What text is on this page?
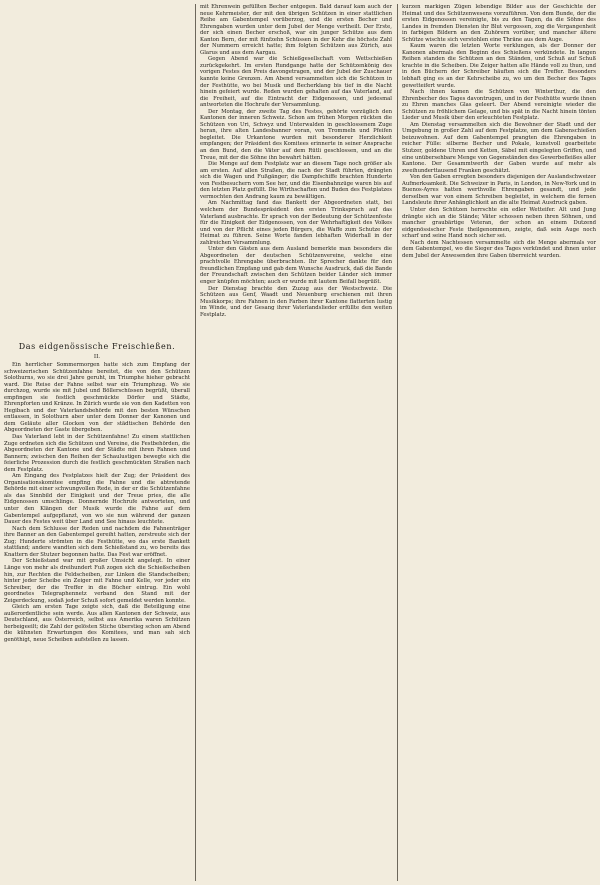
Das eidgenössische Freischießen.
II.

Ein herrlicher Sommermorgen hatte sich zum Empfang der schweizerischen Schützenfahne bereitet, die von den Schützen Solothurns, wo sie drei Jahre geruht, im Triumphe hieher gebracht ward. Die Reise der Fahne selbst war ein Triumphzug. Wo sie durchzog, wurde sie mit Jubel und Böllerschüssen begrüßt, überall empfingen sie festlich geschmückte Dörfer und Städte, Ehrenpforten und Kränze. In Zürich wurde sie von den Kadetten von Hegibach und der Vaterlandsbehörde mit den besten Wünschen entlassen, in Solothurn aber unter dem Donner der Kanonen und dem Geläute aller Glocken von der städtischen Behörde den Abgeordneten der Gaste übergeben.

Das Vaterland lebt in der Schützenfahne! Zu einem stattlichen Zuge ordneten sich die Schützen und Vereine, die Festbehörden, die Abgeordneten der Kantone und der Städte mit ihren Fahnen und Bannern; zwischen den Reihen der Schaulustigen bewegte sich die feierliche Prozession durch die festlich geschmückten Straßen nach dem Festplatz.

Am Eingang des Festplatzes hielt der Zug; der Präsident des Organisationskomitee empfing die Fahne und die abtretende Behörde mit einer schwungvollen Rede, in der er die Schützenfahne als das Sinnbild der Einigkeit und der Treue pries, die alle Eidgenossen umschlinge. Donnernde Hochrufe antworteten, und unter den Klängen der Musik wurde die Fahne auf dem Gabentempel aufgepflanzt, von wo sie nun während der ganzen Dauer des Festes weit über Land und See hinaus leuchtete.

Nach dem Schlusse der Reden und nachdem die Fahnenträger ihre Banner an den Gabentempel gereiht hatten, zerstreute sich der Zug; Hunderte strömten in die Festhütte, wo das erste Bankett stattfand; andere wandten sich dem Schießstand zu, wo bereits das Knattern der Stutzer begonnen hatte. Das Fest war eröffnet.

Der Schießstand war mit großer Umsicht angelegt. In einer Länge von mehr als dreihundert Fuß zogen sich die Schießscheiben hin, zur Rechten die Feldscheiben, zur Linken die Standscheiben; hinter jeder Scheibe ein Zeiger mit Fahne und Kelle, vor jeder ein Schreiber, der die Treffer in die Bücher eintrug. Ein wohl geordnetes Telegraphennetz verband den Stand mit der Zeigerdeckung, sodaß jeder Schuß sofort gemeldet werden konnte.

Gleich am ersten Tage zeigte sich, daß die Beteiligung eine außerordentliche sein werde. Aus allen Kantonen der Schweiz, aus Deutschland, aus Österreich, selbst aus Amerika waren Schützen herbeigeeilt; die Zahl der gelösten Stiche überstieg schon am Abend die kühnsten Erwartungen des Komitees, und man sah sich genöthigt, neue Scheiben aufstellen zu lassen.

mit Ehrenwein gefüllten Becher entgegen. Bald darauf kam auch der neue Kehrmeister, der mit den übrigen Schützen in einer stattlichen Reihe am Gabentempel vorüberzog, und die ersten Becher und Ehrengaben wurden unter dem Jubel der Menge vertheilt. Der Erste, der sich einen Becher erschoß, war ein junger Schütze aus dem Kanton Bern, der mit fünfzehn Schüssen in der Kehr die höchste Zahl der Nummern erreicht hatte; ihm folgten Schützen aus Zürich, aus Glarus und aus dem Aargau.

Gegen Abend war die Schießgesellschaft vom Wettschießen zurückgekehrt. Im ersten Rundgange hatte der Schützenkönig des vorigen Festes den Preis davongetragen, und der Jubel der Zuschauer kannte keine Grenzen. Am Abend versammelten sich die Schützen in der Festhütte, wo bei Musik und Becherklang bis tief in die Nacht hinein gefeiert wurde. Reden wurden gehalten auf das Vaterland, auf die Freiheit, auf die Eintracht der Eidgenossen, und jedesmal antworteten die Hochrufe der Versammlung.

Der Montag, der zweite Tag des Festes, gehörte vorzüglich den Kantonen der inneren Schweiz. Schon am frühen Morgen rückten die Schützen von Uri, Schwyz und Unterwalden in geschlossenem Zuge heran, ihre alten Landesbanner voran, von Trommeln und Pfeifen begleitet. Die Urkantone wurden mit besonderer Herzlichkeit empfangen; der Präsident des Komitees erinnerte in seiner Ansprache an den Bund, den die Väter auf dem Rütli geschlossen, und an die Treue, mit der die Söhne ihn bewahrt hätten.

Die Menge auf dem Festplatz war an diesem Tage noch größer als am ersten. Auf allen Straßen, die nach der Stadt führten, drängten sich die Wagen und Fußgänger; die Dampfschiffe brachten Hunderte von Festbesuchern vom See her, und die Eisenbahnzüge waren bis auf den letzten Platz gefüllt. Die Wirthschaften und Buden des Festplatzes vermochten den Andrang kaum zu bewältigen.

Am Nachmittag fand das Bankett der Abgeordneten statt, bei welchem der Bundespräsident den ersten Trinkspruch auf das Vaterland ausbrachte. Er sprach von der Bedeutung der Schützenfeste für die Einigkeit der Eidgenossen, von der Wehrhaftigkeit des Volkes und von der Pflicht eines jeden Bürgers, die Waffe zum Schutze der Heimat zu führen. Seine Worte fanden lebhaften Widerhall in der zahlreichen Versammlung.

Unter den Gästen aus dem Ausland bemerkte man besonders die Abgeordneten der deutschen Schützenvereine, welche eine prachtvolle Ehrengabe überbrachten. Ihr Sprecher dankte für den freundlichen Empfang und gab dem Wunsche Ausdruck, daß die Bande der Freundschaft zwischen den Schützen beider Länder sich immer enger knüpfen möchten; auch er wurde mit lautem Beifall begrüßt.

Der Dienstag brachte den Zuzug aus der Westschweiz. Die Schützen aus Genf, Waadt und Neuenburg erschienen mit ihren Musikkorps; ihre Fahnen in den Farben ihrer Kantone flatterten lustig im Winde, und der Gesang ihrer Vaterlandslieder erfüllte den weiten Festplatz.

kurzen markigen Zügen lebendige Bilder aus der Geschichte der Heimat und des Schützenwesens vorzuführen. Von dem Bunde, der die ersten Eidgenossen vereinigte, bis zu den Tagen, da die Söhne des Landes in fremden Diensten ihr Blut vergossen, zog die Vergangenheit in farbigen Bildern an den Zuhörern vorüber, und mancher ältere Schütze wischte sich verstohlen eine Thräne aus dem Auge.

Kaum waren die letzten Worte verklungen, als der Donner der Kanonen abermals den Beginn des Schießens verkündete. In langen Reihen standen die Schützen an den Ständen, und Schuß auf Schuß krachte in die Scheiben. Die Zeiger hatten alle Hände voll zu thun, und in den Büchern der Schreiber häuften sich die Treffer. Besonders lebhaft ging es an der Kehrscheibe zu, wo um den Becher des Tages gewetteifert wurde.

Nach ihnen kamen die Schützen von Winterthur, die den Ehrenbecher des Tages davontrugen, und in der Festhütte wurde ihnen zu Ehren manches Glas geleert. Der Abend vereinigte wieder die Schützen zu fröhlichem Gelage, und bis spät in die Nacht hinein tönten Lieder und Musik über den erleuchteten Festplatz.

Am Dienstag versammelten sich die Bewohner der Stadt und der Umgebung in großer Zahl auf dem Festplatze, um dem Gabenschießen beizuwohnen. Auf dem Gabentempel prangten die Ehrengaben in reicher Fülle: silberne Becher und Pokale, kunstvoll gearbeitete Stutzer, goldene Uhren und Ketten, Säbel mit eingelegten Griffen, und eine unübersehbare Menge von Gegenständen des Gewerbefleißes aller Kantone. Der Gesammtwerth der Gaben wurde auf mehr als zweihunderttausend Franken geschätzt.

Von den Gaben erregten besonders diejenigen der Auslandschweizer Aufmerksamkeit. Die Schweizer in Paris, in London, in New-York und in Buenos-Ayres hatten werthvolle Ehrengaben gesandt, und jede derselben war von einem Schreiben begleitet, in welchem die fernen Landsleute ihrer Anhänglichkeit an die alte Heimat Ausdruck gaben.

Unter den Schützen herrschte ein edler Wetteifer. Alt und Jung drängte sich an die Stände; Väter schossen neben ihren Söhnen, und mancher graubärtige Veteran, der schon an einem Dutzend eidgenössischer Feste theilgenommen, zeigte, daß sein Auge noch scharf und seine Hand noch sicher sei.

Nach dem Nachtessen versammelte sich die Menge abermals vor dem Gabentempel, wo die Sieger des Tages verkündet und ihnen unter dem Jubel der Anwesenden ihre Gaben überreicht wurden.
